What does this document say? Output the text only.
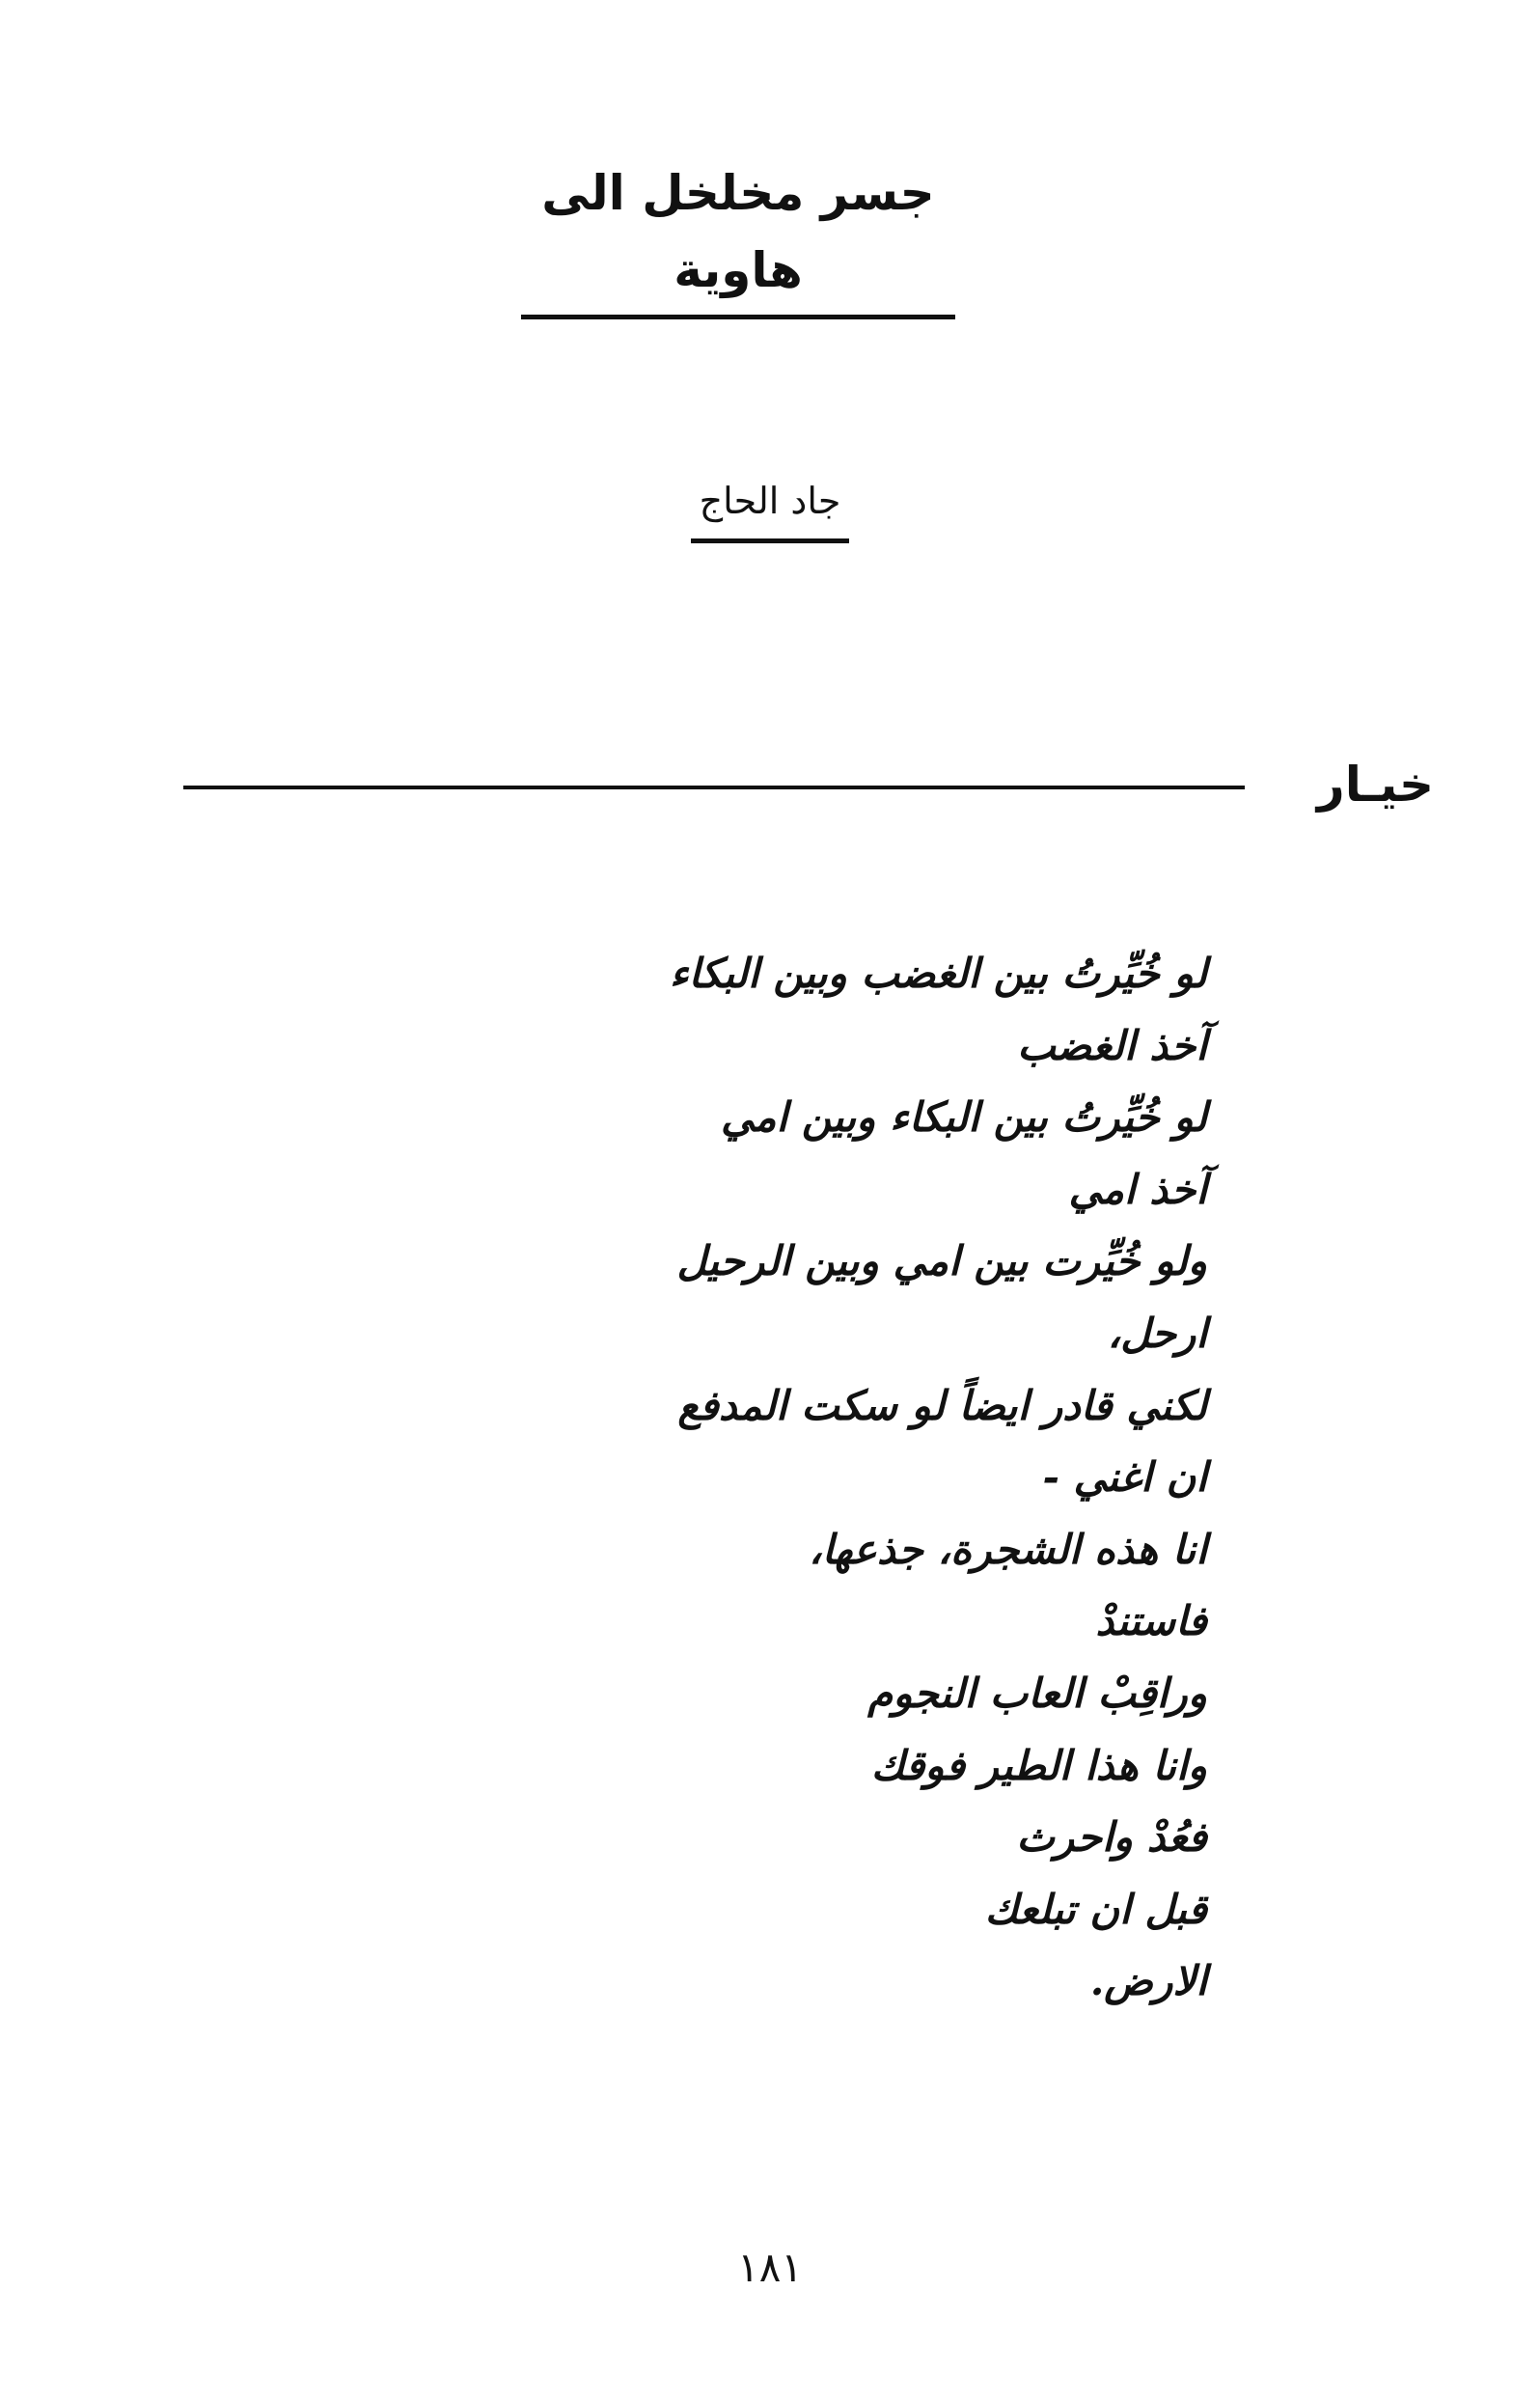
جسر مخلخل الى هاوية
جاد الحاج
خيـار
لو خُيِّرتُ بين الغضب وبين البكاء
آخذ الغضب
لو خُيِّرتُ بين البكاء وبين امي
آخذ امي
ولو خُيِّرت بين امي وبين الرحيل
ارحل،
لكني قادر ايضاً لو سكت المدفع
ان اغني -
انا هذه الشجرة، جذعها،
فاستندْ
وراقِبْ العاب النجوم
وانا هذا الطير فوقك
فعُدْ واحرث
قبل ان تبلعك
الارض.
١٨١
